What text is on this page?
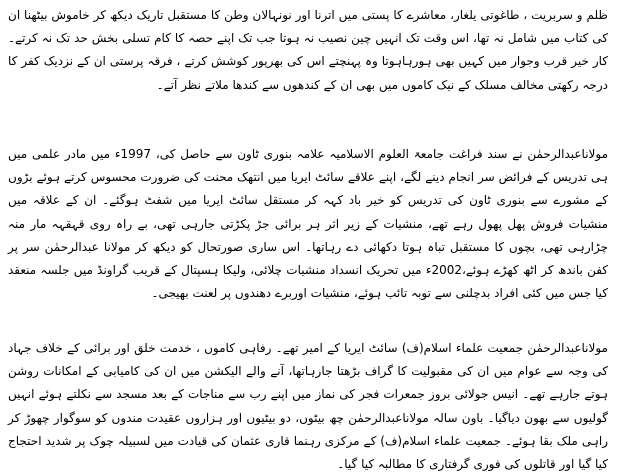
ظلم و سربریت ، طاغوتی یلغار، معاشرے کا پستی میں اترنا اور نونہالان وطن کا مستقبل تاریک دیکھ کر خاموش بیٹھنا ان کی کتاب میں شامل نہ تھا، اس وقت تک انہیں چین نصیب نہ ہوتا جب تک اپنے حصہ کا کام تسلی بخش حد تک نہ کرتے۔ کار خیر قرب وجوار میں کہیں بھی ہورہاہوتا وہ پہنچتے اس کی بھرپور کوشش کرتے ، فرقہ پرستی ان کے نزدیک کفر کا درجہ رکھتی مخالف مسلک کے نیک کاموں میں بھی ان کے کندھوں سے کندھا ملاتے نظر آتے۔

مولاناعبدالرحمٰن نے سند فراغت جامعۃ العلوم الاسلامیہ علامہ بنوری ٹاون سے حاصل کی، 1997ء میں مادر علمی میں ہی تدریس کے فرائض سر انجام دینے لگے، اپنے علاقے سائٹ ایریا میں انتھک محنت کی ضرورت محسوس کرتے ہوئے بڑوں کے مشورے سے بنوری ٹاون کی تدریس کو خیر باد کہہ کر مستقل سائٹ ایریا میں شفٹ ہوگئے۔ ان کے علاقہ میں منشیات فروش پھل پھول رہے تھے، منشیات کے زیر اثر ہر برائی جڑ پکڑتی جارہی تھی، بے راہ روی قہقہہ مار منہ چڑارہی تھی، بچوں کا مستقبل تباہ ہوتا دکھائی دے رہاتھا۔ اس ساری صورتحال کو دیکھ کر مولانا عبدالرحمٰن سر پر کفن باندھ کر اٹھ کھڑے ہوئے،2002ء میں تحریک انسداد منشیات چلائی، ولیکا ہسپتال کے قریب گراونڈ میں جلسہ منعقد کیا جس میں کئی افراد بدچلنی سے توبہ تائب ہوئے، منشیات اوربرے دھندوں پر لعنت بھیجی۔

مولاناعبدالرحمٰن جمعیت علماء اسلام(ف) سائٹ ایریا کے امیر تھے۔ رفاہی کاموں ، خدمت خلق اور برائی کے خلاف جہاد کی وجہ سے عوام میں ان کی مقبولیت کا گراف بڑھتا جارہاتھا، آنے والے الیکشن میں ان کی کامیابی کے امکانات روشن ہوتے جارہے تھے۔ انیس جولائی بروز جمعرات فجر کی نماز میں اپنے رب سے مناجات کے بعد مسجد سے نکلتے ہوئے انہیں گولیوں سے بھون دیاگیا۔ باون سالہ مولاناعبدالرحمٰن چھ بیٹوں، دو بیٹیوں اور ہزاروں عقیدت مندوں کو سوگوار چھوڑ کر راہی ملک بقا ہوئے۔ جمعیت علماء اسلام(ف) کے مرکزی رہنما قاری عثمان کی قیادت میں لسبیلہ چوک پر شدید احتجاج کیا گیا اور قاتلوں کی فوری گرفتاری کا مطالبہ کیا گیا۔
